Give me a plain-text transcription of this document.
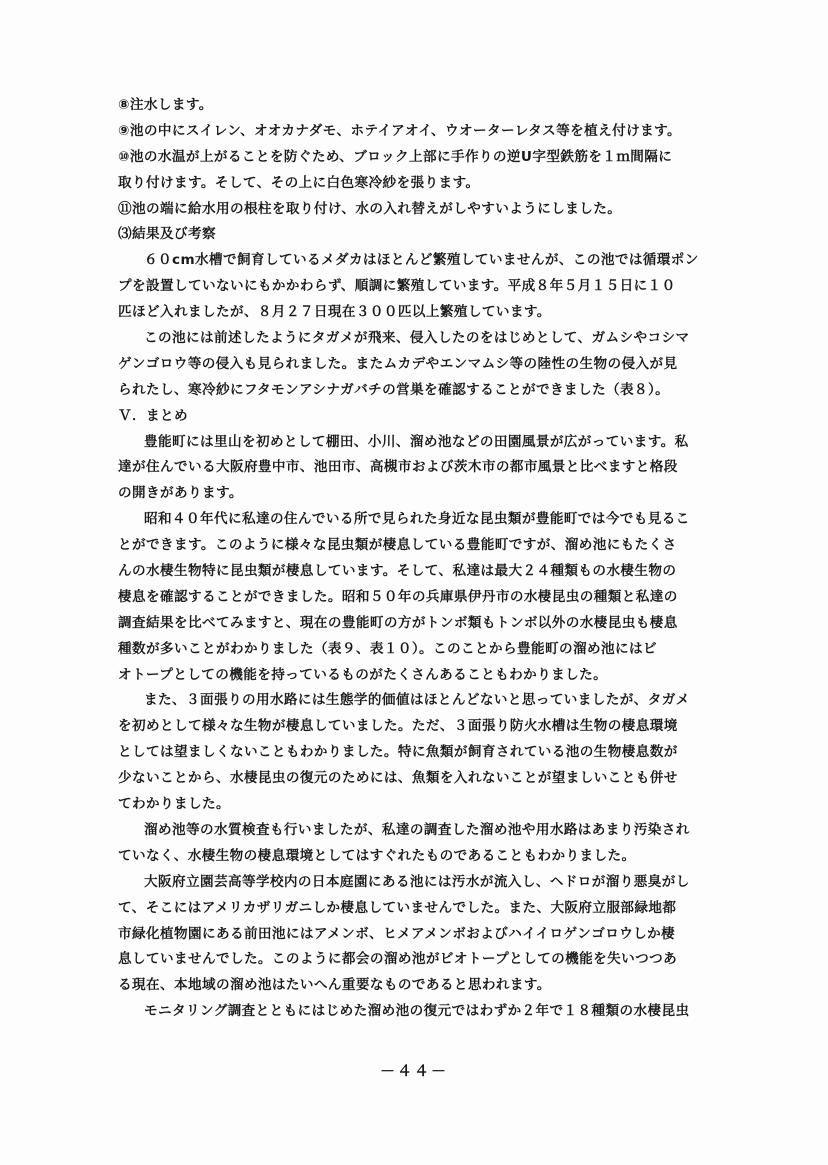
⑧注水します。
⑨池の中にスイレン、オオカナダモ、ホテイアオイ、ウオーターレタス等を植え付けます。
⑩池の水温が上がることを防ぐため、ブロック上部に手作りの逆U字型鉄筋を１ｍ間隔に
取り付けます。そして、その上に白色寒冷紗を張ります。
⑪池の端に給水用の根柱を取り付け、水の入れ替えがしやすいようにしました。
⑶結果及び考察
６０cm水槽で飼育しているメダカはほとんど繁殖していませんが、この池では循環ポン
プを設置していないにもかかわらず、順調に繁殖しています。平成８年５月１５日に１０
匹ほど入れましたが、８月２７日現在３００匹以上繁殖しています。
この池には前述したようにタガメが飛来、侵入したのをはじめとして、ガムシやコシマ
ゲンゴロウ等の侵入も見られました。またムカデやエンマムシ等の陸性の生物の侵入が見
られたし、寒冷紗にフタモンアシナガバチの営巣を確認することができました（表８）。
Ｖ．まとめ
豊能町には里山を初めとして棚田、小川、溜め池などの田園風景が広がっています。私
達が住んでいる大阪府豊中市、池田市、高槻市および茨木市の都市風景と比べますと格段
の開きがあります。
昭和４０年代に私達の住んでいる所で見られた身近な昆虫類が豊能町では今でも見るこ
とができます。このように様々な昆虫類が棲息している豊能町ですが、溜め池にもたくさ
んの水棲生物特に昆虫類が棲息しています。そして、私達は最大２４種類もの水棲生物の
棲息を確認することができました。昭和５０年の兵庫県伊丹市の水棲昆虫の種類と私達の
調査結果を比べてみますと、現在の豊能町の方がトンボ類もトンボ以外の水棲昆虫も棲息
種数が多いことがわかりました（表９、表１０）。このことから豊能町の溜め池にはビ
オトープとしての機能を持っているものがたくさんあることもわかりました。
また、３面張りの用水路には生態学的価値はほとんどないと思っていましたが、タガメ
を初めとして様々な生物が棲息していました。ただ、３面張り防火水槽は生物の棲息環境
としては望ましくないこともわかりました。特に魚類が飼育されている池の生物棲息数が
少ないことから、水棲昆虫の復元のためには、魚類を入れないことが望ましいことも併せ
てわかりました。
溜め池等の水質検査も行いましたが、私達の調査した溜め池や用水路はあまり汚染され
ていなく、水棲生物の棲息環境としてはすぐれたものであることもわかりました。
大阪府立園芸高等学校内の日本庭園にある池には汚水が流入し、ヘドロが溜り悪臭がし
て、そこにはアメリカザリガニしか棲息していませんでした。また、大阪府立服部緑地都
市緑化植物園にある前田池にはアメンボ、ヒメアメンボおよびハイイロゲンゴロウしか棲
息していませんでした。このように都会の溜め池がビオトープとしての機能を失いつつあ
る現在、本地域の溜め池はたいへん重要なものであると思われます。
モニタリング調査とともにはじめた溜め池の復元ではわずか２年で１８種類の水棲昆虫
－４４－
